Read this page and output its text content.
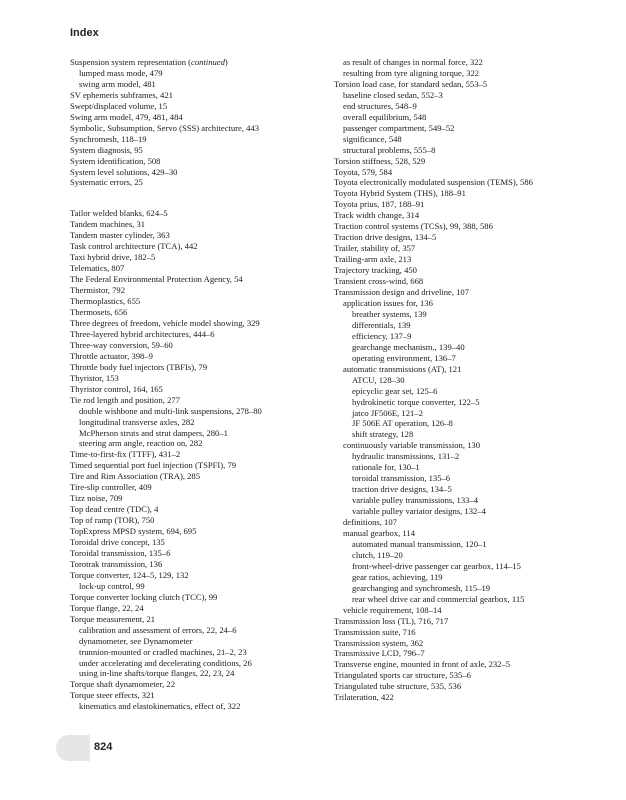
Index
Suspension system representation (continued)
lumped mass mode, 479
swing arm model, 481
SV ephemeris subframes, 421
Swept/displaced volume, 15
Swing arm model, 479, 481, 484
Symbolic, Subsumption, Servo (SSS) architecture, 443
Synchromesh, 118–19
System diagnosis, 95
System identification, 508
System level solutions, 429–30
Systematic errors, 25
Tailor welded blanks, 624–5
Tandem machines, 31
Tandem master cylinder, 363
Task control architecture (TCA), 442
Taxi hybrid drive, 182–5
Telematics, 807
The Federal Environmental Protection Agency, 54
Thermistor, 792
Thermoplastics, 655
Thermosets, 656
Three degrees of freedom, vehicle model showing, 329
Three-layered hybrid architectures, 444–6
Three-way conversion, 59–60
Throttle actuator, 398–9
Throttle body fuel injectors (TBFIs), 79
Thyristor, 153
Thyristor control, 164, 165
Tie rod length and position, 277
double wishbone and multi-link suspensions, 278–80
longitudinal transverse axles, 282
McPherson struts and strut dampers, 280–1
steering arm angle, reaction on, 282
Time-to-first-fix (TTFF), 431–2
Timed sequential port fuel injection (TSPFI), 79
Tire and Rim Association (TRA), 285
Tire-slip controller, 409
Tizz noise, 709
Top dead centre (TDC), 4
Top of ramp (TOR), 750
TopExpress MPSD system, 694, 695
Toroidal drive concept, 135
Toroidal transmission, 135–6
Torotrak transmission, 136
Torque converter, 124–5, 129, 132
lock-up control, 99
Torque converter locking clutch (TCC), 99
Torque flange, 22, 24
Torque measurement, 21
calibration and assessment of errors, 22, 24–6
dynamometer, see Dynamometer
trunnion-mounted or cradled machines, 21–2, 23
under accelerating and decelerating conditions, 26
using in-line shafts/torque flanges, 22, 23, 24
Torque shaft dynamometer, 22
Torque steer effects, 321
kinematics and elastokinematics, effect of, 322
as result of changes in normal force, 322
resulting from tyre aligning torque, 322
Torsion load case, for standard sedan, 553–5
baseline closed sedan, 552–3
end structures, 548–9
overall equilibrium, 548
passenger compartment, 549–52
significance, 548
structural problems, 555–8
Torsion stiffness, 528, 529
Toyota, 579, 584
Toyota electronically modulated suspension (TEMS), 586
Toyota Hybrid System (THS), 188–91
Toyota prius, 187, 188–91
Track width change, 314
Traction control systems (TCSs), 99, 388, 586
Traction drive designs, 134–5
Trailer, stability of, 357
Trailing-arm axle, 213
Trajectory tracking, 450
Transient cross-wind, 668
Transmission design and driveline, 107
application issues for, 136
breather systems, 139
differentials, 139
efficiency, 137–9
gearchange mechanism., 139–40
operating environment, 136–7
automatic transmissions (AT), 121
ATCU, 128–30
epicyclic gear set, 125–6
hydrokinetic torque converter, 122–5
jatco JF506E, 121–2
JF 506E AT operation, 126–8
shift strategy, 128
continuously variable transmission, 130
hydraulic transmissions, 131–2
rationale for, 130–1
toroidal transmission, 135–6
traction drive designs, 134–5
variable pulley transmissions, 133–4
variable pulley variator designs, 132–4
definitions, 107
manual gearbox, 114
automated manual transmission, 120–1
clutch, 119–20
front-wheel-drive passenger car gearbox, 114–15
gear ratios, achieving, 119
gearchanging and synchromesh, 115–19
rear wheel drive car and commercial gearbox, 115
vehicle requirement, 108–14
Transmission loss (TL), 716, 717
Transmission suite, 716
Transmission system, 362
Transmissive LCD, 796–7
Transverse engine, mounted in front of axle, 232–5
Triangulated sports car structure, 535–6
Triangulated tube structure, 535, 536
Trilateration, 422
824
